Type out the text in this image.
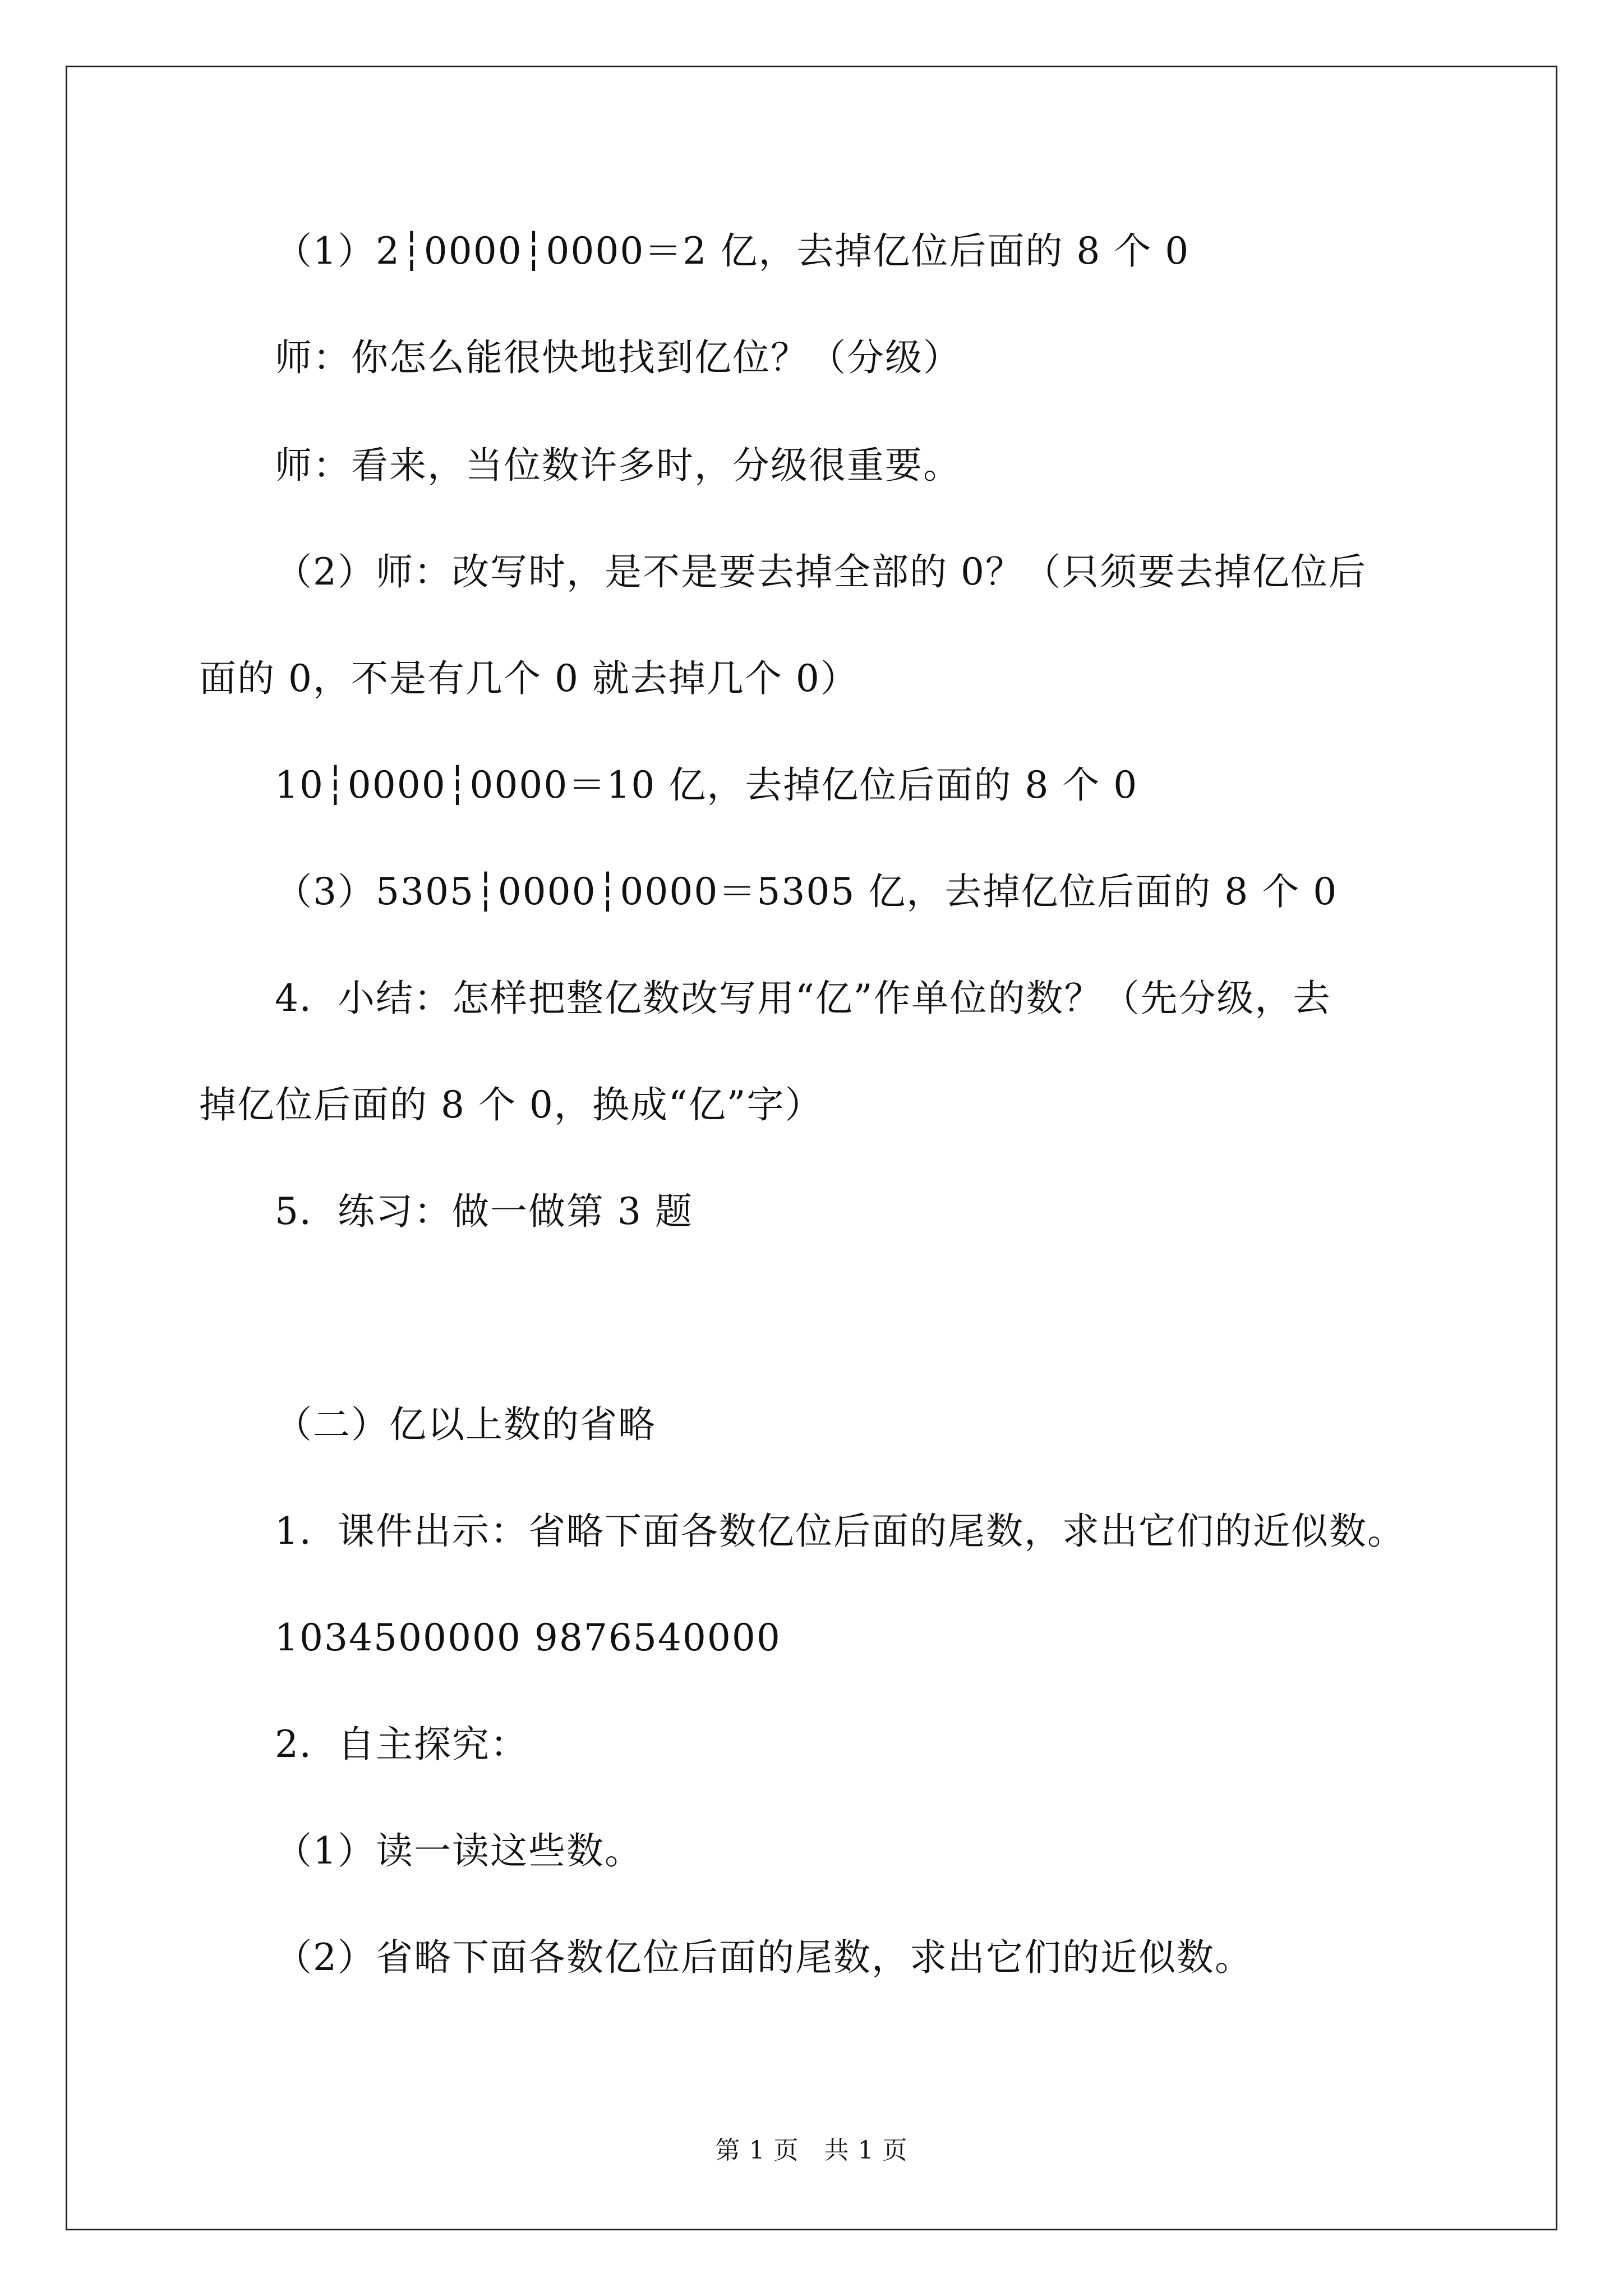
（1）2┆0000┆0000＝2 亿，去掉亿位后面的 8 个 0
师：你怎么能很快地找到亿位？（分级）
师：看来，当位数许多时，分级很重要。
（2）师：改写时，是不是要去掉全部的 0？（只须要去掉亿位后
面的 0，不是有几个 0 就去掉几个 0）
10┆0000┆0000＝10 亿，去掉亿位后面的 8 个 0
（3）5305┆0000┆0000＝5305 亿，去掉亿位后面的 8 个 0
4．小结：怎样把整亿数改写用“亿”作单位的数？（先分级，去
掉亿位后面的 8 个 0，换成“亿”字）
5．练习：做一做第 3 题
（二）亿以上数的省略
1．课件出示：省略下面各数亿位后面的尾数，求出它们的近似数。
1034500000 9876540000
2．自主探究：
（1）读一读这些数。
（2）省略下面各数亿位后面的尾数，求出它们的近似数。
第 1 页　共 1 页
